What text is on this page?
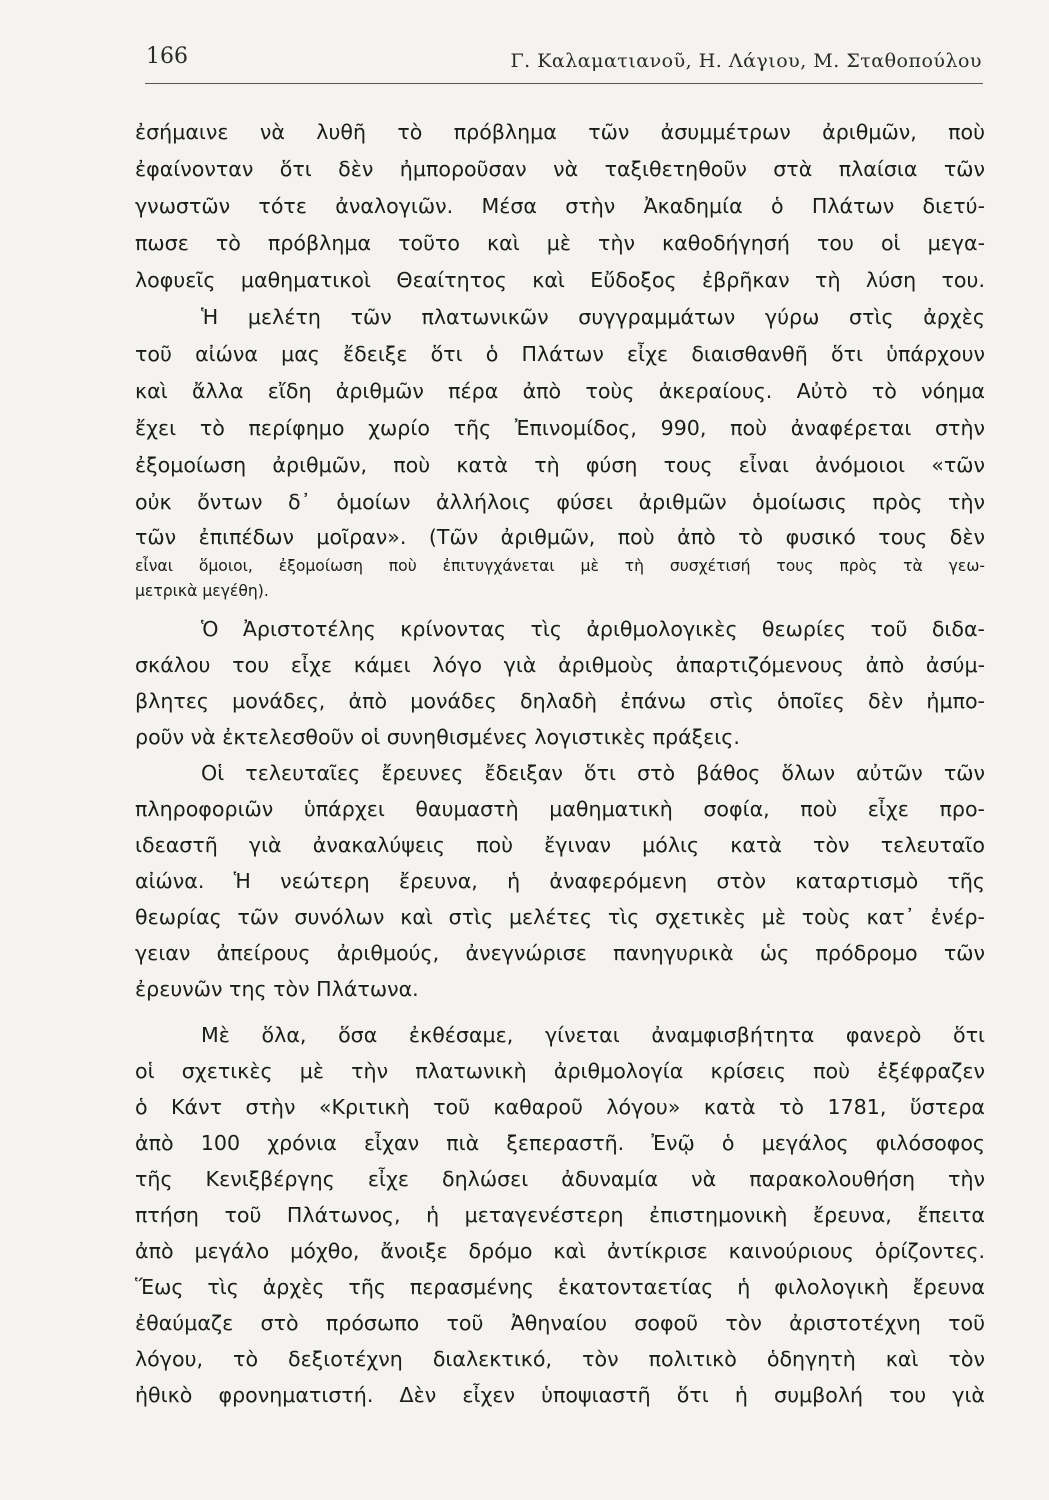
166	Γ. Καλαματιανοῦ, Η. Λάγιου, Μ. Σταθοπούλου
ἐσήμαινε νὰ λυθῆ τὸ πρόβλημα τῶν ἀσυμμέτρων ἀριθμῶν, ποὺ
ἐφαίνονταν ὅτι δὲν ἠμποροῦσαν νὰ ταξιθετηθοῦν στὰ πλαίσια τῶν
γνωστῶν τότε ἀναλογιῶν. Μέσα στὴν Ἀκαδημία ὁ Πλάτων διετύ-
πωσε τὸ πρόβλημα τοῦτο καὶ μὲ τὴν καθοδήγησή του οἱ μεγα-
λοφυεῖς μαθηματικοὶ Θεαίτητος καὶ Εὔδοξος ἐβρῆκαν τὴ λύση του.
Ἡ μελέτη τῶν πλατωνικῶν συγγραμμάτων γύρω στὶς ἀρχὲς
τοῦ αἰώνα μας ἔδειξε ὅτι ὁ Πλάτων εἶχε διαισθανθῆ ὅτι ὑπάρχουν
καὶ ἄλλα εἴδη ἀριθμῶν πέρα ἀπὸ τοὺς ἀκεραίους. Αὐτὸ τὸ νόημα
ἔχει τὸ περίφημο χωρίο τῆς Ἐπινομίδος, 990, ποὺ ἀναφέρεται στὴν
ἐξομοίωση ἀριθμῶν, ποὺ κατὰ τὴ φύση τους εἶναι ἀνόμοιοι «τῶν
οὐκ ὄντων δ᾽ ὁμοίων ἀλλήλοις φύσει ἀριθμῶν ὁμοίωσις πρὸς τὴν
τῶν ἐπιπέδων μοῖραν». (Τῶν ἀριθμῶν, ποὺ ἀπὸ τὸ φυσικό τους δὲν
εἶναι ὅμοιοι, ἐξομοίωση ποὺ ἐπιτυγχάνεται μὲ τὴ συσχέτισή τους πρὸς τὰ γεω-
μετρικὰ μεγέθη).
Ὁ Ἀριστοτέλης κρίνοντας τὶς ἀριθμολογικὲς θεωρίες τοῦ διδα-
σκάλου του εἶχε κάμει λόγο γιὰ ἀριθμοὺς ἀπαρτιζόμενους ἀπὸ ἀσύμ-
βλητες μονάδες, ἀπὸ μονάδες δηλαδὴ ἐπάνω στὶς ὁποῖες δὲν ἠμπο-
ροῦν νὰ ἐκτελεσθοῦν οἱ συνηθισμένες λογιστικὲς πράξεις.
Οἱ τελευταῖες ἔρευνες ἔδειξαν ὅτι στὸ βάθος ὅλων αὐτῶν τῶν
πληροφοριῶν ὑπάρχει θαυμαστὴ μαθηματικὴ σοφία, ποὺ εἶχε προ-
ιδεαστῆ γιὰ ἀνακαλύψεις ποὺ ἔγιναν μόλις κατὰ τὸν τελευταῖο
αἰώνα. Ἡ νεώτερη ἔρευνα, ἡ ἀναφερόμενη στὸν καταρτισμὸ τῆς
θεωρίας τῶν συνόλων καὶ στὶς μελέτες τὶς σχετικὲς μὲ τοὺς κατ᾽ ἐνέρ-
γειαν ἀπείρους ἀριθμούς, ἀνεγνώρισε πανηγυρικὰ ὡς πρόδρομο τῶν
ἐρευνῶν της τὸν Πλάτωνα.
Μὲ ὅλα, ὅσα ἐκθέσαμε, γίνεται ἀναμφισβήτητα φανερὸ ὅτι
οἱ σχετικὲς μὲ τὴν πλατωνικὴ ἀριθμολογία κρίσεις ποὺ ἐξέφραζεν
ὁ Κάντ στὴν «Κριτικὴ τοῦ καθαροῦ λόγου» κατὰ τὸ 1781, ὕστερα
ἀπὸ 100 χρόνια εἶχαν πιὰ ξεπεραστῆ. Ἐνῷ ὁ μεγάλος φιλόσοφος
τῆς Κενιξβέργης εἶχε δηλώσει ἀδυναμία νὰ παρακολουθήση τὴν
πτήση τοῦ Πλάτωνος, ἡ μεταγενέστερη ἐπιστημονικὴ ἔρευνα, ἔπειτα
ἀπὸ μεγάλο μόχθο, ἄνοιξε δρόμο καὶ ἀντίκρισε καινούριους ὁρίζοντες.
Ἕως τὶς ἀρχὲς τῆς περασμένης ἑκατονταετίας ἡ φιλολογικὴ ἔρευνα
ἐθαύμαζε στὸ πρόσωπο τοῦ Ἀθηναίου σοφοῦ τὸν ἀριστοτέχνη τοῦ
λόγου, τὸ δεξιοτέχνη διαλεκτικό, τὸν πολιτικὸ ὁδηγητὴ καὶ τὸν
ἠθικὸ φρονηματιστή. Δὲν εἶχεν ὑποψιαστῆ ὅτι ἡ συμβολή του γιὰ
